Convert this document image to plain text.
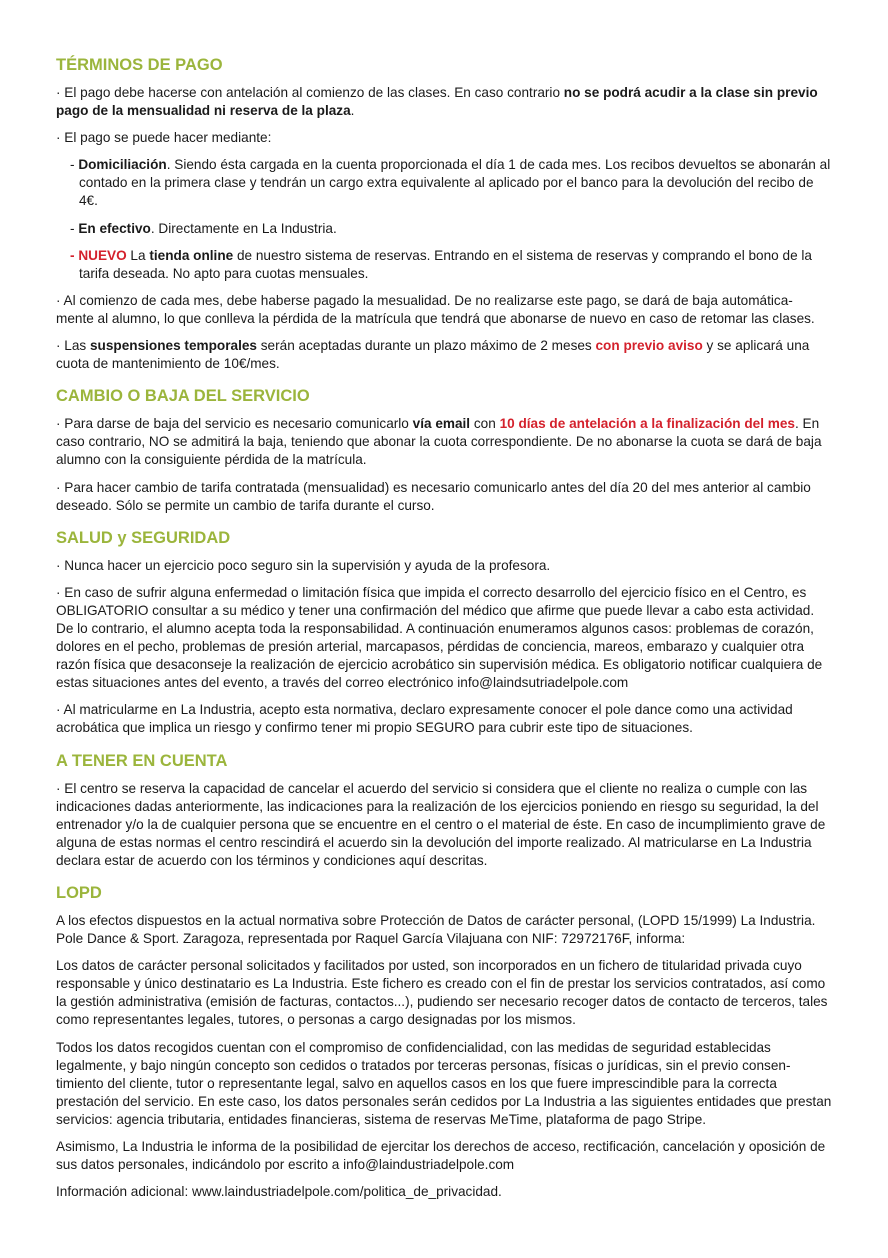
TÉRMINOS DE PAGO

· El pago debe hacerse con antelación al comienzo de las clases. En caso contrario no se podrá acudir a la clase sin previo pago de la mensualidad ni reserva de la plaza.

· El pago se puede hacer mediante:

- Domiciliación. Siendo ésta cargada en la cuenta proporcionada el día 1 de cada mes. Los recibos devueltos se abonarán al contado en la primera clase y tendrán un cargo extra equivalente al aplicado por el banco para la devolución del recibo de 4€.

- En efectivo. Directamente en La Industria.

- NUEVO La tienda online de nuestro sistema de reservas. Entrando en el sistema de reservas y comprando el bono de la tarifa deseada. No apto para cuotas mensuales.

· Al comienzo de cada mes, debe haberse pagado la mesualidad. De no realizarse este pago, se dará de baja automática- mente al alumno, lo que conlleva la pérdida de la matrícula que tendrá que abonarse de nuevo en caso de retomar las clases.

· Las suspensiones temporales serán aceptadas durante un plazo máximo de 2 meses con previo aviso y se aplicará una cuota de mantenimiento de 10€/mes.

CAMBIO O BAJA DEL SERVICIO

· Para darse de baja del servicio es necesario comunicarlo vía email con 10 días de antelación a la finalización del mes. En caso contrario, NO se admitirá la baja, teniendo que abonar la cuota correspondiente. De no abonarse la cuota se dará de baja alumno con la consiguiente pérdida de la matrícula.

· Para hacer cambio de tarifa contratada (mensualidad) es necesario comunicarlo antes del día 20 del mes anterior al cambio deseado. Sólo se permite un cambio de tarifa durante el curso.

SALUD y SEGURIDAD

· Nunca hacer un ejercicio poco seguro sin la supervisión y ayuda de la profesora.

· En caso de sufrir alguna enfermedad o limitación física que impida el correcto desarrollo del ejercicio físico en el Centro, es OBLIGATORIO consultar a su médico y tener una confirmación del médico que afirme que puede llevar a cabo esta actividad. De lo contrario, el alumno acepta toda la responsabilidad. A continuación enumeramos algunos casos: problemas de corazón, dolores en el pecho, problemas de presión arterial, marcapasos, pérdidas de conciencia, mareos, embarazo y cualquier otra razón física que desaconseje la realización de ejercicio acrobático sin supervisión médica. Es obligatorio notificar cualquiera de estas situaciones antes del evento, a través del correo electrónico info@laindsutriadelpole.com

· Al matricularme en La Industria, acepto esta normativa, declaro expresamente conocer el pole dance como una actividad acrobática que implica un riesgo y confirmo tener mi propio SEGURO para cubrir este tipo de situaciones.

A TENER EN CUENTA

· El centro se reserva la capacidad de cancelar el acuerdo del servicio si considera que el cliente no realiza o cumple con las indicaciones dadas anteriormente, las indicaciones para la realización de los ejercicios poniendo en riesgo su seguridad, la del entrenador y/o la de cualquier persona que se encuentre en el centro o el material de éste. En caso de incumplimiento grave de alguna de estas normas el centro rescindirá el acuerdo sin la devolución del importe realizado. Al matricularse en La Industria declara estar de acuerdo con los términos y condiciones aquí descritas.

LOPD

A los efectos dispuestos en la actual normativa sobre Protección de Datos de carácter personal, (LOPD 15/1999) La Industria. Pole Dance & Sport. Zaragoza, representada por Raquel García Vilajuana con NIF: 72972176F, informa:

Los datos de carácter personal solicitados y facilitados por usted, son incorporados en un fichero de titularidad privada cuyo responsable y único destinatario es La Industria. Este fichero es creado con el fin de prestar los servicios contratados, así como la gestión administrativa (emisión de facturas, contactos...), pudiendo ser necesario recoger datos de contacto de terceros, tales como representantes legales, tutores, o personas a cargo designadas por los mismos.

Todos los datos recogidos cuentan con el compromiso de confidencialidad, con las medidas de seguridad establecidas legalmente, y bajo ningún concepto son cedidos o tratados por terceras personas, físicas o jurídicas, sin el previo consen- timiento del cliente, tutor o representante legal, salvo en aquellos casos en los que fuere imprescindible para la correcta prestación del servicio. En este caso, los datos personales serán cedidos por La Industria a las siguientes entidades que prestan servicios: agencia tributaria, entidades financieras, sistema de reservas MeTime, plataforma de pago Stripe.

Asimismo, La Industria le informa de la posibilidad de ejercitar los derechos de acceso, rectificación, cancelación y oposición de sus datos personales, indicándolo por escrito a info@laindustriadelpole.com

Información adicional: www.laindustriadelpole.com/politica_de_privacidad.
